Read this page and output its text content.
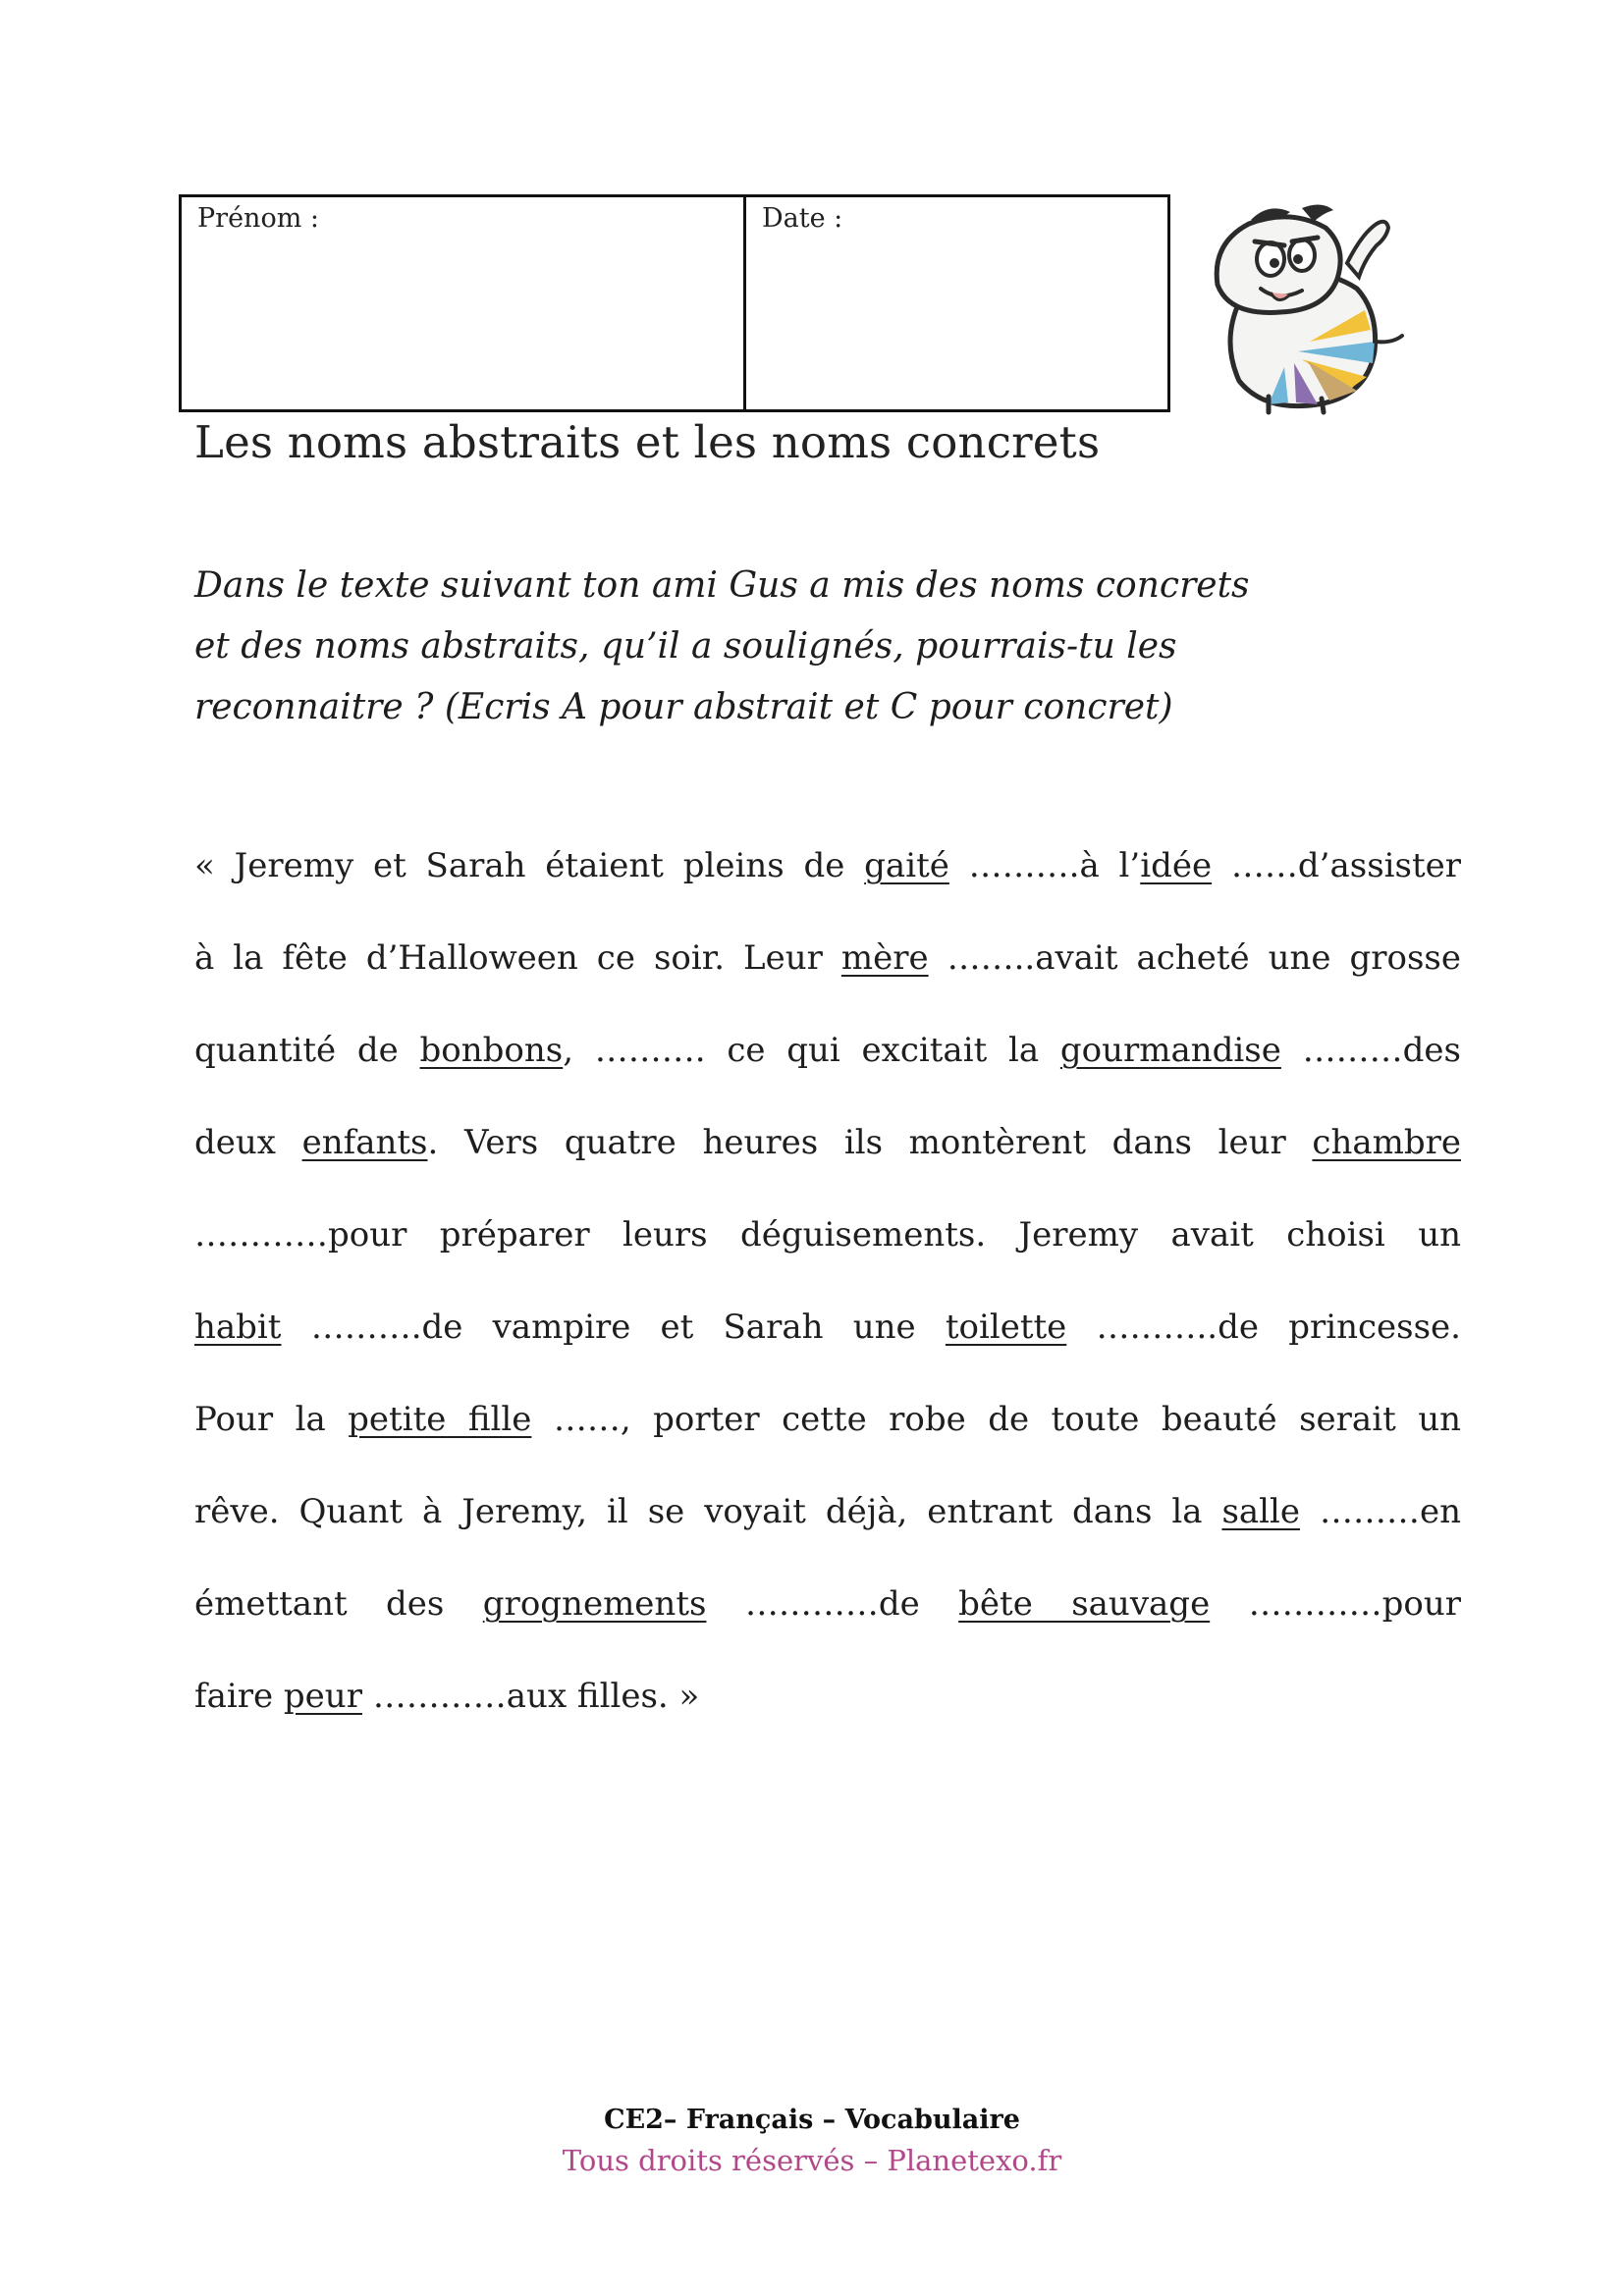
Prénom :	Date :
Les noms abstraits et les noms concrets
Dans le texte suivant ton ami Gus a mis des noms concrets
et des noms abstraits, qu’il a soulignés, pourrais-tu les
reconnaitre ? (Ecris A pour abstrait et C pour concret)
« Jeremy et Sarah étaient pleins de gaité ……….à l’idée ……d’assister
à la fête d’Halloween ce soir. Leur mère ……..avait acheté une grosse
quantité de bonbons, ………. ce qui excitait la gourmandise ………des
deux enfants. Vers quatre heures ils montèrent dans leur chambre
…………pour préparer leurs déguisements. Jeremy avait choisi un
habit ……….de vampire et Sarah une toilette ………..de princesse.
Pour la petite fille ……, porter cette robe de toute beauté serait un
rêve. Quant à Jeremy, il se voyait déjà, entrant dans la salle ………en
émettant des grognements …………de bête sauvage …………pour
faire peur …………aux filles. »
CE2– Français – Vocabulaire
Tous droits réservés – Planetexo.fr
